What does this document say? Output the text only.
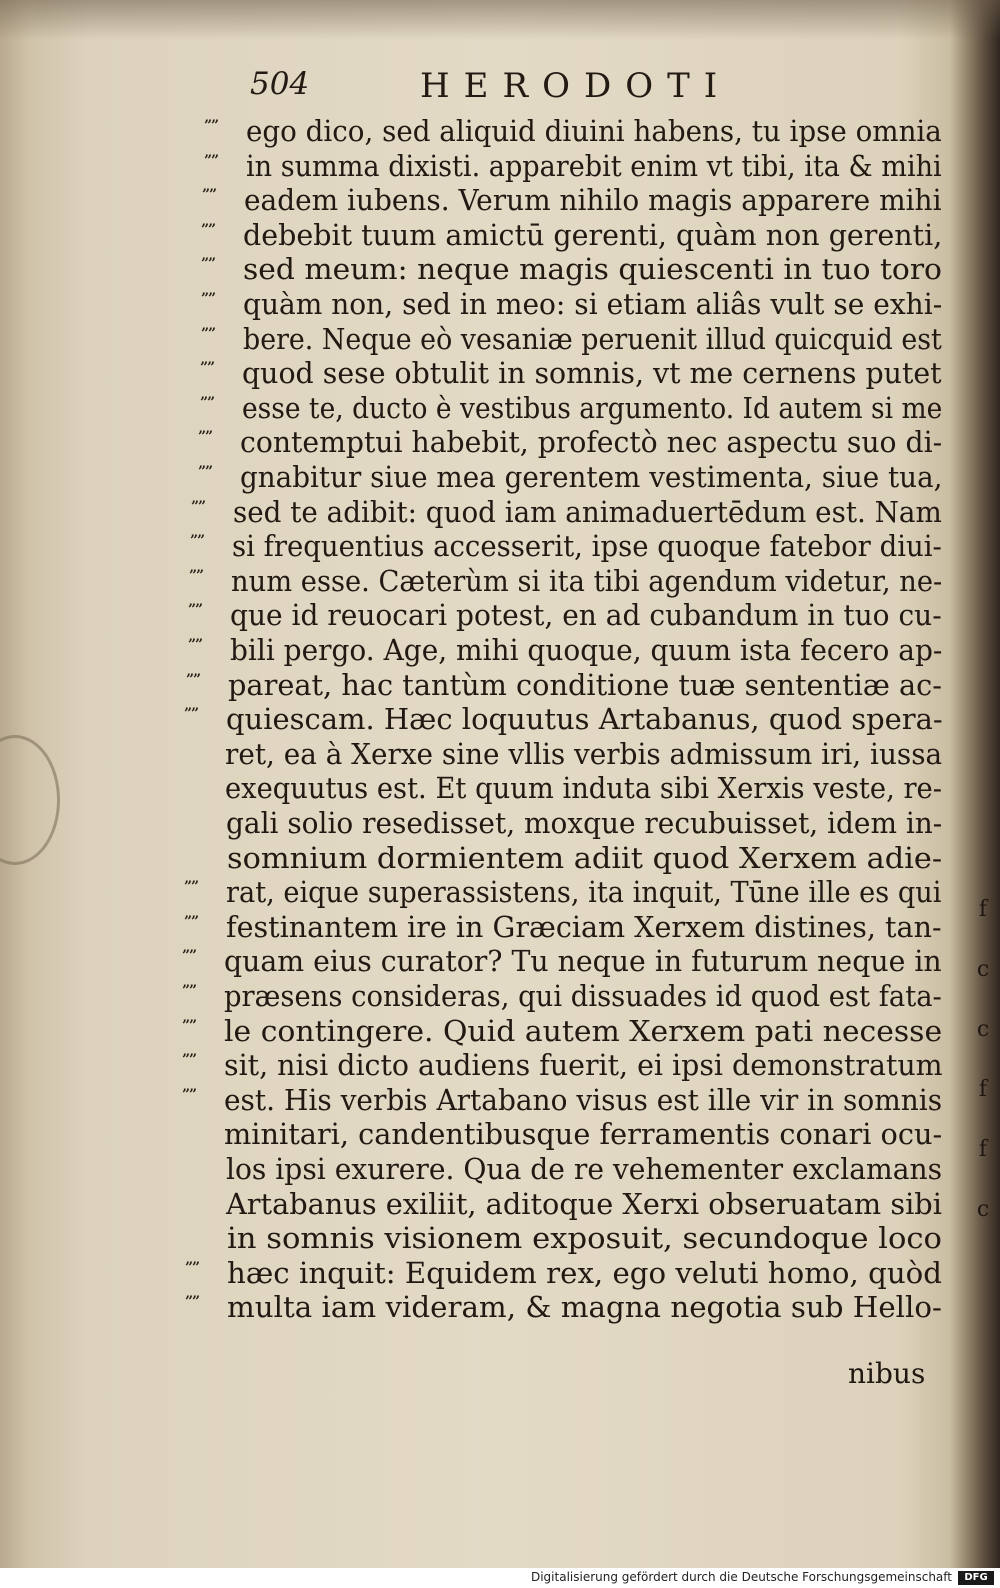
f
c
c
f
f
c
504	HERODOTI
”” ego dico, sed aliquid diuini habens, tu ipse omnia
”” in summa dixisti. apparebit enim vt tibi, ita & mihi
”” eadem iubens. Verum nihilo magis apparere mihi
”” debebit tuum amictū gerenti, quàm non gerenti,
”” sed meum: neque magis quiescenti in tuo toro
”” quàm non, sed in meo: si etiam aliâs vult se exhi-
”” bere. Neque eò vesaniæ peruenit illud quicquid est
”” quod sese obtulit in somnis, vt me cernens putet
”” esse te, ducto è vestibus argumento. Id autem si me
”” contemptui habebit, profectò nec aspectu suo di-
”” gnabitur siue mea gerentem vestimenta, siue tua,
”” sed te adibit: quod iam animaduertēdum est. Nam
”” si frequentius accesserit, ipse quoque fatebor diui-
”” num esse. Cæterùm si ita tibi agendum videtur, ne-
”” que id reuocari potest, en ad cubandum in tuo cu-
”” bili pergo. Age, mihi quoque, quum ista fecero ap-
”” pareat, hac tantùm conditione tuæ sententiæ ac-
”” quiescam. Hæc loquutus Artabanus, quod spera-
ret, ea à Xerxe sine vllis verbis admissum iri, iussa
exequutus est. Et quum induta sibi Xerxis veste, re-
gali solio resedisset, moxque recubuisset, idem in-
somnium dormientem adiit quod Xerxem adie-
”” rat, eique superassistens, ita inquit, Tūne ille es qui
”” festinantem ire in Græciam Xerxem distines, tan-
”” quam eius curator? Tu neque in futurum neque in
”” præsens consideras, qui dissuades id quod est fata-
”” le contingere. Quid autem Xerxem pati necesse
”” sit, nisi dicto audiens fuerit, ei ipsi demonstratum
”” est. His verbis Artabano visus est ille vir in somnis
minitari, candentibusque ferramentis conari ocu-
los ipsi exurere. Qua de re vehementer exclamans
Artabanus exiliit, aditoque Xerxi obseruatam sibi
in somnis visionem exposuit, secundoque loco
”” hæc inquit: Equidem rex, ego veluti homo, quòd
”” multa iam videram, & magna negotia sub Hello-
nibus
Digitalisierung gefördert durch die Deutsche Forschungsgemeinschaft	DFG
